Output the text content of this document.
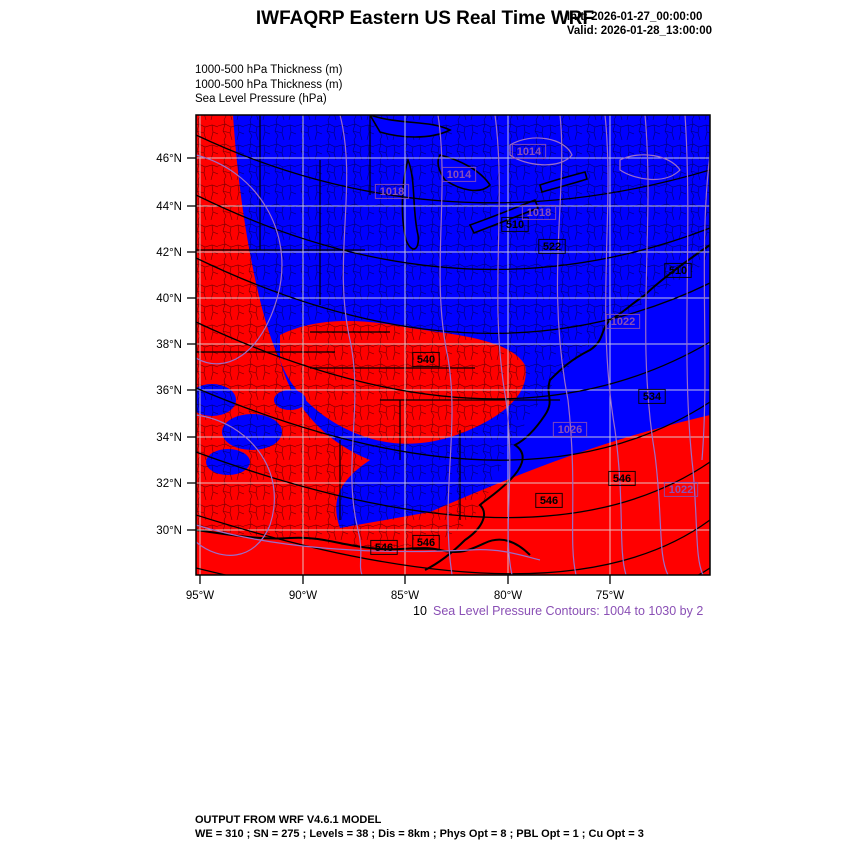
IWFAQRP Eastern US Real Time WRF
Init: 2026-01-27_00:00:00
Valid: 2026-01-28_13:00:00
1000-500 hPa Thickness (m)
1000-500 hPa Thickness (m)
Sea Level Pressure (hPa)
510
522
510
534
540
546
546
546 546
1014
1014
1018
1018
1022
1026
1022
46°N
44°N
42°N
40°N
38°N
36°N
34°N
32°N
30°N
95°W	90°W	85°W	80°W	75°W
10 Sea Level Pressure Contours: 1004 to 1030 by 2
OUTPUT FROM WRF V4.6.1 MODEL
WE = 310 ; SN = 275 ; Levels = 38 ; Dis = 8km ; Phys Opt = 8 ; PBL Opt = 1 ; Cu Opt = 3
